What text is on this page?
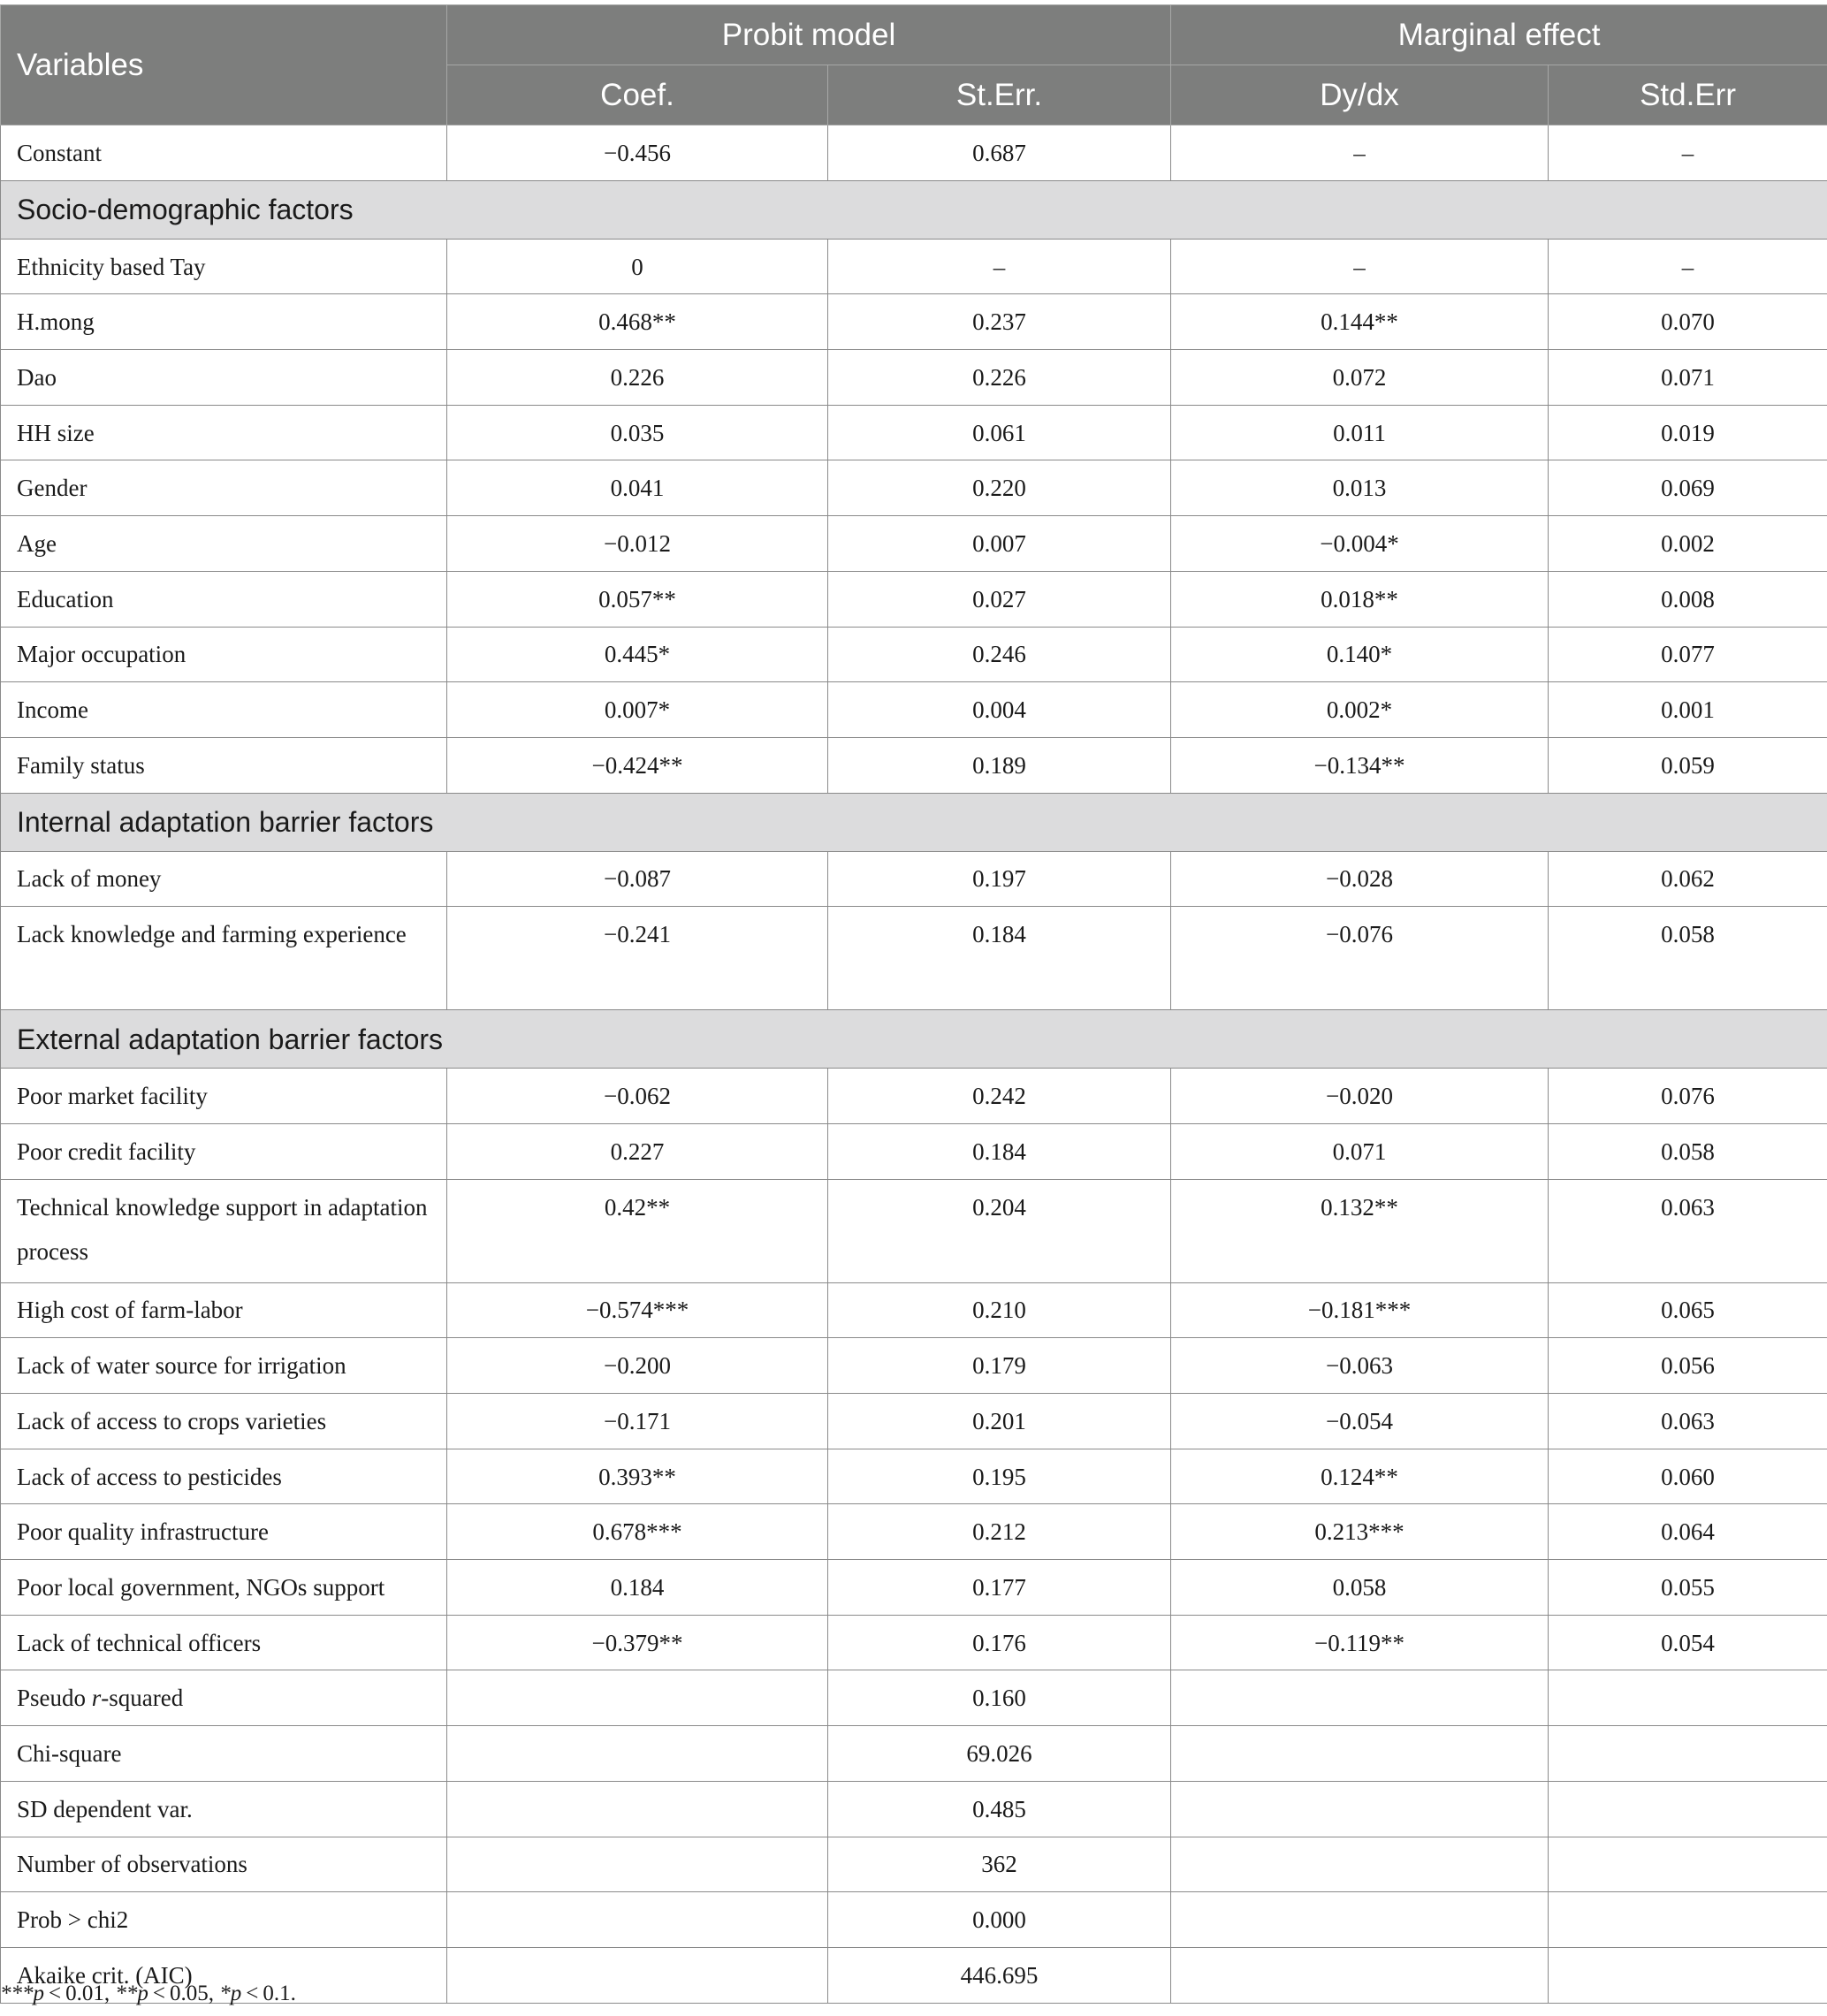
Variables	Probit model		Marginal effect	
	Coef.	St.Err.	Dy/dx	Std.Err
Constant	−0.456	0.687	–	–
Socio-demographic factors				
Ethnicity based Tay	0	–	–	–
H.mong	0.468**	0.237	0.144**	0.070
Dao	0.226	0.226	0.072	0.071
HH size	0.035	0.061	0.011	0.019
Gender	0.041	0.220	0.013	0.069
Age	−0.012	0.007	−0.004*	0.002
Education	0.057**	0.027	0.018**	0.008
Major occupation	0.445*	0.246	0.140*	0.077
Income	0.007*	0.004	0.002*	0.001
Family status	−0.424**	0.189	−0.134**	0.059
Internal adaptation barrier factors				
Lack of money	−0.087	0.197	−0.028	0.062
Lack knowledge and farming experience	−0.241	0.184	−0.076	0.058
External adaptation barrier factors				
Poor market facility	−0.062	0.242	−0.020	0.076
Poor credit facility	0.227	0.184	0.071	0.058
Technical knowledge support in adaptation process	0.42**	0.204	0.132**	0.063
High cost of farm-labor	−0.574***	0.210	−0.181***	0.065
Lack of water source for irrigation	−0.200	0.179	−0.063	0.056
Lack of access to crops varieties	−0.171	0.201	−0.054	0.063
Lack of access to pesticides	0.393**	0.195	0.124**	0.060
Poor quality infrastructure	0.678***	0.212	0.213***	0.064
Poor local government, NGOs support	0.184	0.177	0.058	0.055
Lack of technical officers	−0.379**	0.176	−0.119**	0.054
Pseudo r-squared		0.160		
Chi-square		69.026		
SD dependent var.		0.485		
Number of observations		362		
Prob > chi2		0.000		
Akaike crit. (AIC)		446.695		
***p < 0.01, **p < 0.05, *p < 0.1.
